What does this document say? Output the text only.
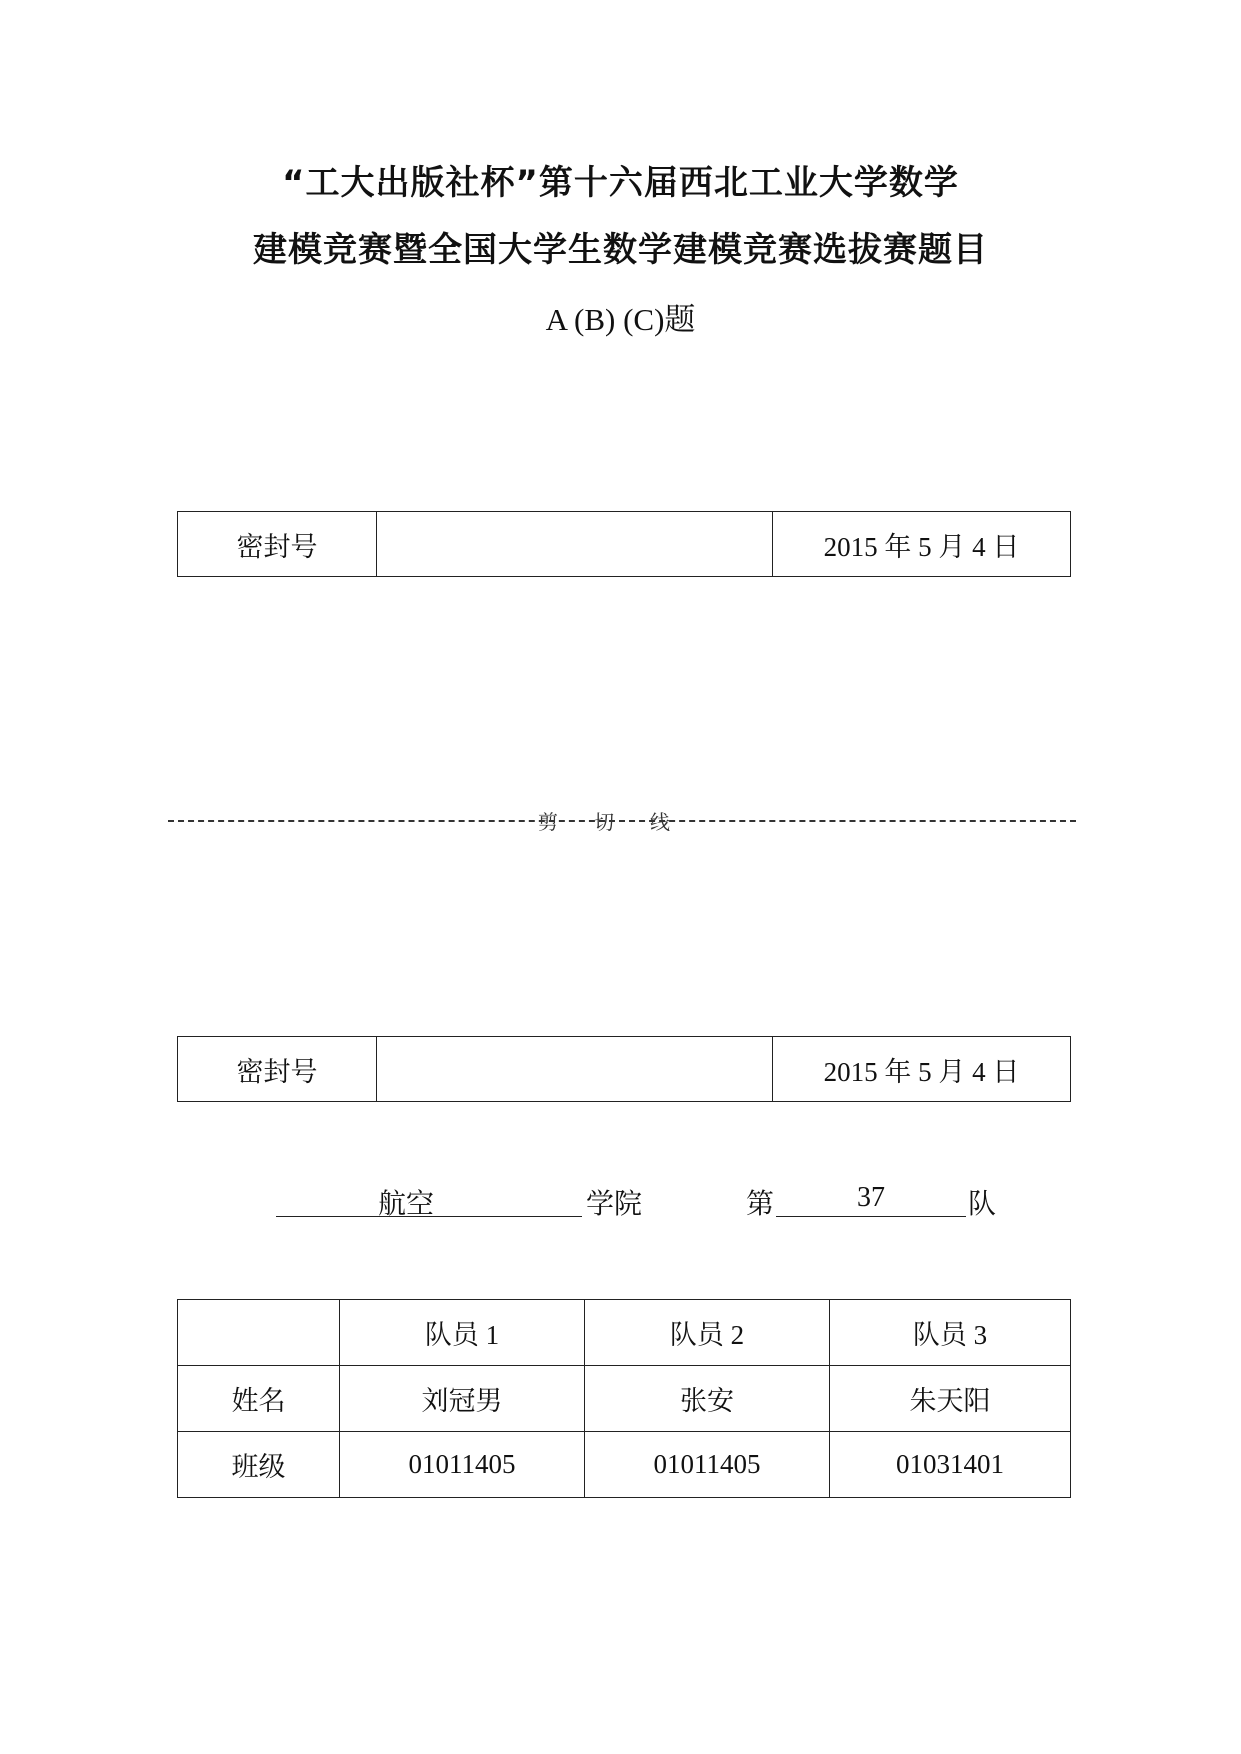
“工大出版社杯”第十六届西北工业大学数学
建模竞赛暨全国大学生数学建模竞赛选拔赛题目
A (B) (C)题
密封号		2015 年 5 月 4 日
剪切线
密封号		2015 年 5 月 4 日
航空	学院	第	37	队
	队员 1	队员 2	队员 3
姓名	刘冠男	张安	朱天阳
班级	01011405	01011405	01031401
